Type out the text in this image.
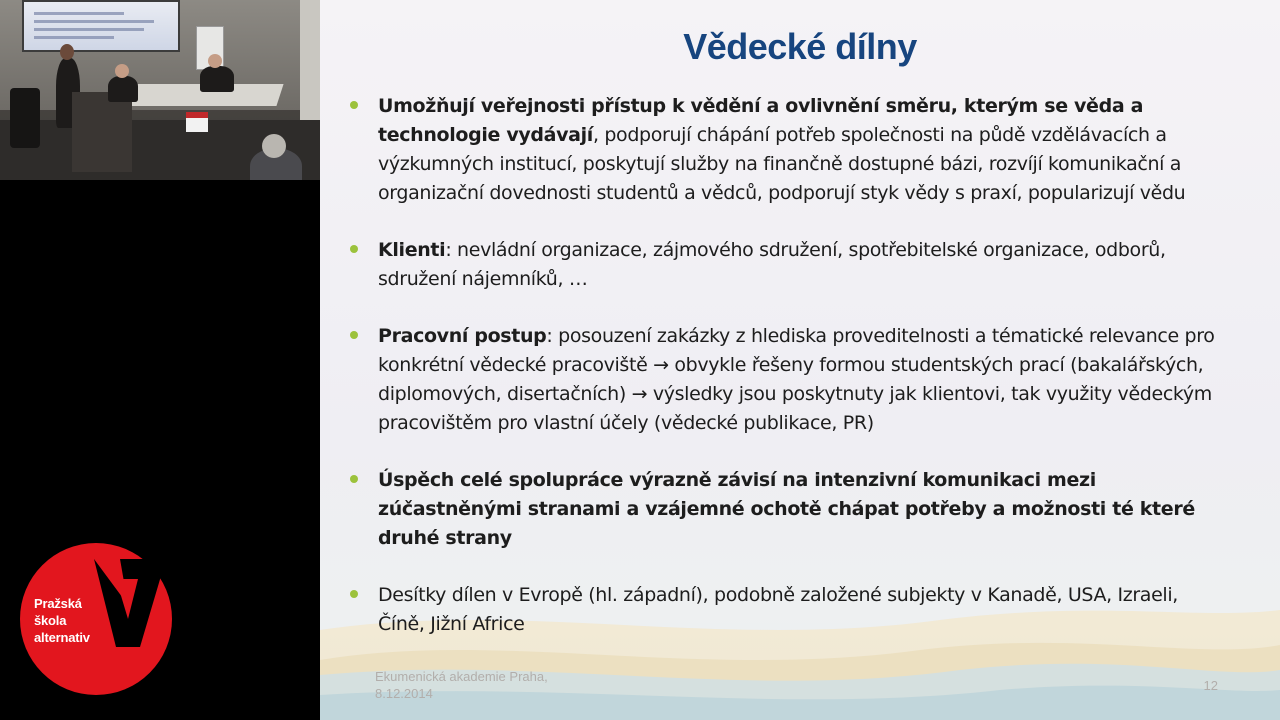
Pražská
škola
alternativ
Vědecké dílny
Umožňují veřejnosti přístup k vědění a ovlivnění směru, kterým se věda a technologie vydávají, podporují chápání potřeb společnosti na půdě vzdělávacích a výzkumných institucí, poskytují služby na finančně dostupné bázi, rozvíjí komunikační a organizační dovednosti studentů a vědců, podporují styk vědy s praxí, popularizují vědu
Klienti: nevládní organizace, zájmového sdružení, spotřebitelské organizace, odborů, sdružení nájemníků, …
Pracovní postup: posouzení zakázky z hlediska proveditelnosti a tématické relevance pro konkrétní vědecké pracoviště → obvykle řešeny formou studentských prací (bakalářských, diplomových, disertačních) → výsledky jsou poskytnuty jak klientovi, tak využity vědeckým pracovištěm pro vlastní účely (vědecké publikace, PR)
Úspěch celé spolupráce výrazně závisí na intenzivní komunikaci mezi zúčastněnými stranami a vzájemné ochotě chápat potřeby a možnosti té které druhé strany
Desítky dílen v Evropě (hl. západní), podobně založené subjekty v Kanadě, USA, Izraeli, Číně, Jižní Africe
Ekumenická akademie Praha,
8.12.2014
12
